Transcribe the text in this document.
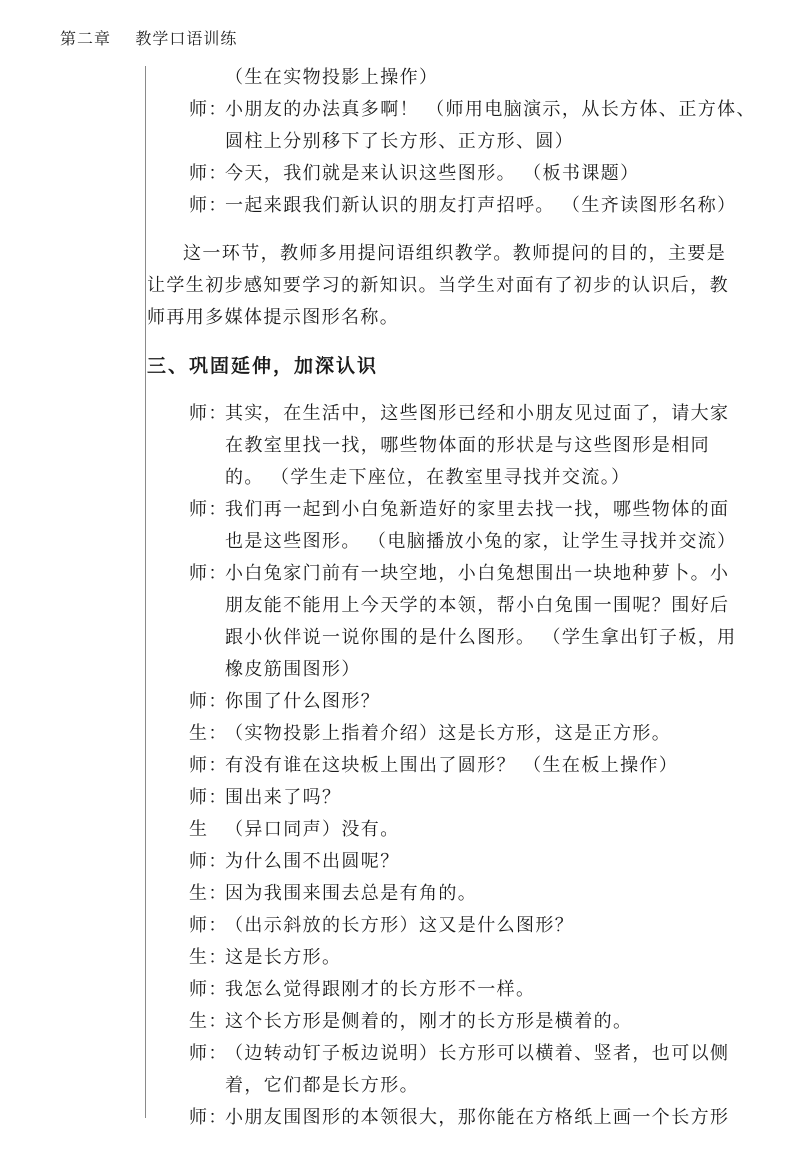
第二章 教学口语训练
（生在实物投影上操作）
师：小朋友的办法真多啊！ （师用电脑演示，从长方体、正方体、
圆柱上分别移下了长方形、正方形、圆）
师：今天，我们就是来认识这些图形。 （板书课题）
师：一起来跟我们新认识的朋友打声招呼。 （生齐读图形名称）
这一环节，教师多用提问语组织教学。教师提问的目的，主要是
让学生初步感知要学习的新知识。当学生对面有了初步的认识后，教
师再用多媒体提示图形名称。
三、巩固延伸，加深认识
师：其实，在生活中，这些图形已经和小朋友见过面了，请大家
在教室里找一找，哪些物体面的形状是与这些图形是相同
的。 （学生走下座位，在教室里寻找并交流。）
师：我们再一起到小白兔新造好的家里去找一找，哪些物体的面
也是这些图形。 （电脑播放小兔的家，让学生寻找并交流）
师：小白兔家门前有一块空地，小白兔想围出一块地种萝卜。小
朋友能不能用上今天学的本领，帮小白兔围一围呢？围好后
跟小伙伴说一说你围的是什么图形。 （学生拿出钉子板，用
橡皮筋围图形）
师：你围了什么图形？
生：（实物投影上指着介绍）这是长方形，这是正方形。
师：有没有谁在这块板上围出了圆形？ （生在板上操作）
师：围出来了吗？
生 （异口同声）没有。
师：为什么围不出圆呢？
生：因为我围来围去总是有角的。
师：（出示斜放的长方形）这又是什么图形？
生：这是长方形。
师：我怎么觉得跟刚才的长方形不一样。
生：这个长方形是侧着的，刚才的长方形是横着的。
师：（边转动钉子板边说明）长方形可以横着、竖者，也可以侧
着，它们都是长方形。
师：小朋友围图形的本领很大，那你能在方格纸上画一个长方形
